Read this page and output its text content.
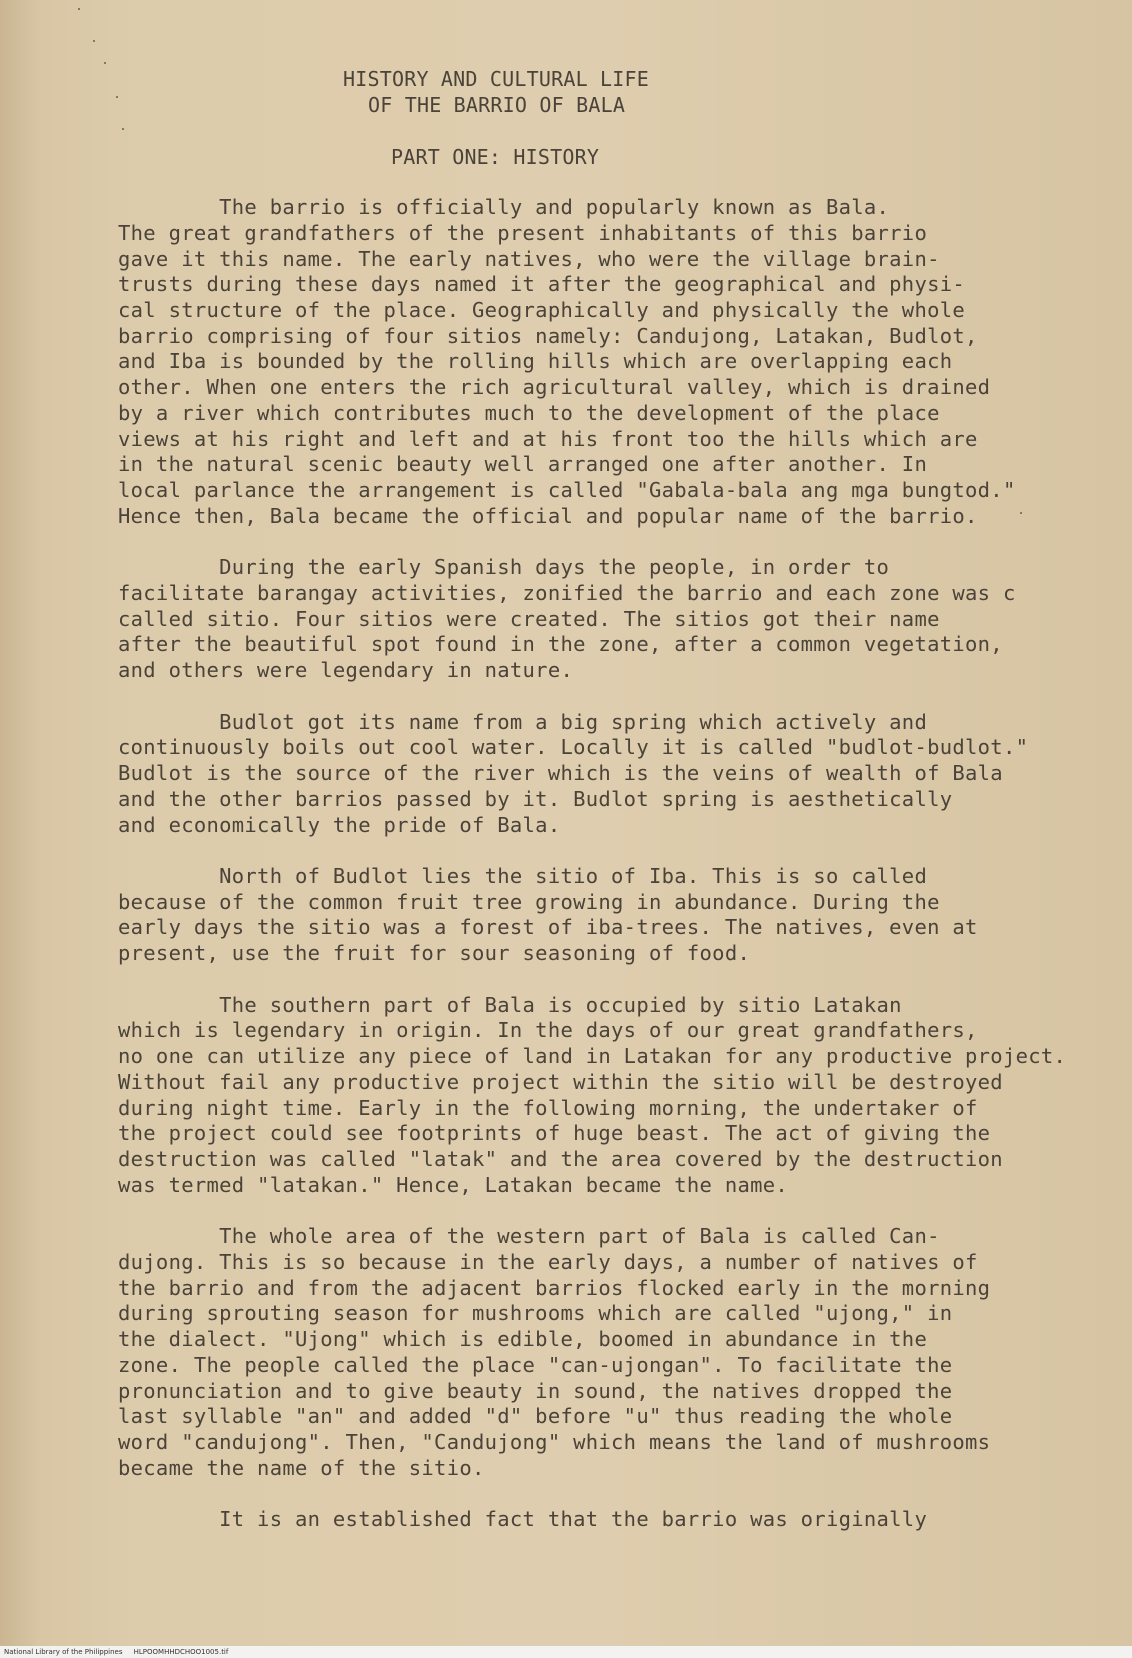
HISTORY AND CULTURAL LIFE
OF THE BARRIO OF BALA
PART ONE: HISTORY
The barrio is officially and popularly known as Bala.
The great grandfathers of the present inhabitants of this barrio
gave it this name. The early natives, who were the village brain-
trusts during these days named it after the geographical and physi-
cal structure of the place. Geographically and physically the whole
barrio comprising of four sitios namely: Candujong, Latakan, Budlot,
and Iba is bounded by the rolling hills which are overlapping each
other. When one enters the rich agricultural valley, which is drained
by a river which contributes much to the development of the place
views at his right and left and at his front too the hills which are
in the natural scenic beauty well arranged one after another. In
local parlance the arrangement is called "Gabala-bala ang mga bungtod."
Hence then, Bala became the official and popular name of the barrio.
During the early Spanish days the people, in order to
facilitate barangay activities, zonified the barrio and each zone was c
called sitio. Four sitios were created. The sitios got their name
after the beautiful spot found in the zone, after a common vegetation,
and others were legendary in nature.
Budlot got its name from a big spring which actively and
continuously boils out cool water. Locally it is called "budlot-budlot."
Budlot is the source of the river which is the veins of wealth of Bala
and the other barrios passed by it. Budlot spring is aesthetically
and economically the pride of Bala.
North of Budlot lies the sitio of Iba. This is so called
because of the common fruit tree growing in abundance. During the
early days the sitio was a forest of iba-trees. The natives, even at
present, use the fruit for sour seasoning of food.
The southern part of Bala is occupied by sitio Latakan
which is legendary in origin. In the days of our great grandfathers,
no one can utilize any piece of land in Latakan for any productive project.
Without fail any productive project within the sitio will be destroyed
during night time. Early in the following morning, the undertaker of
the project could see footprints of huge beast. The act of giving the
destruction was called "latak" and the area covered by the destruction
was termed "latakan." Hence, Latakan became the name.
The whole area of the western part of Bala is called Can-
dujong. This is so because in the early days, a number of natives of
the barrio and from the adjacent barrios flocked early in the morning
during sprouting season for mushrooms which are called "ujong," in
the dialect. "Ujong" which is edible, boomed in abundance in the
zone. The people called the place "can-ujongan". To facilitate the
pronunciation and to give beauty in sound, the natives dropped the
last syllable "an" and added "d" before "u" thus reading the whole
word "candujong". Then, "Candujong" which means the land of mushrooms
became the name of the sitio.
It is an established fact that the barrio was originally
National Library of the Philippines     HLPOOMHHDCHOO1005.tif
